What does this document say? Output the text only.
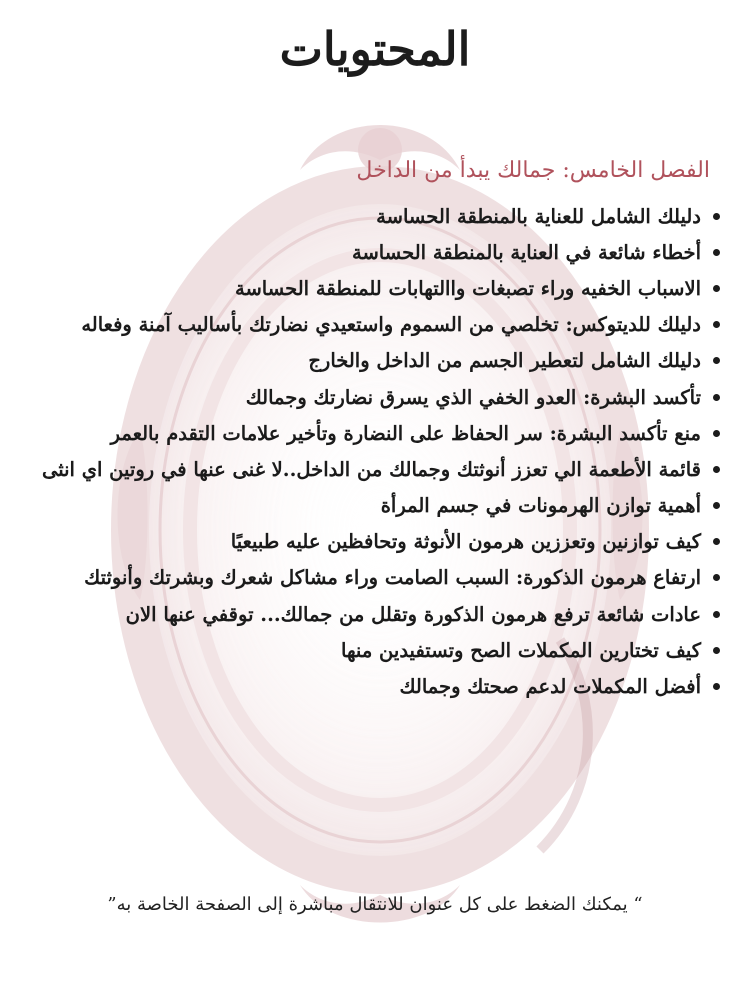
المحتويات
الفصل الخامس: جمالك يبدأ من الداخل
دليلك الشامل للعناية بالمنطقة الحساسة
أخطاء شائعة في العناية بالمنطقة الحساسة
الاسباب الخفيه وراء تصبغات واالتهابات للمنطقة الحساسة
دليلك للديتوكس: تخلصي من السموم واستعيدي نضارتك بأساليب آمنة وفعاله
دليلك الشامل لتعطير الجسم من الداخل والخارج
تأكسد البشرة: العدو الخفي الذي يسرق نضارتك وجمالك
منع تأكسد البشرة: سر الحفاظ على النضارة وتأخير علامات التقدم بالعمر
قائمة الأطعمة الي تعزز أنوثتك وجمالك من الداخل..لا غنى عنها في روتين اي انثى
أهمية توازن الهرمونات في جسم المرأة
كيف توازنين وتعززين هرمون الأنوثة وتحافظين عليه طبيعيًا
ارتفاع هرمون الذكورة: السبب الصامت وراء مشاكل شعرك وبشرتك وأنوثتك
عادات شائعة ترفع هرمون الذكورة وتقلل من جمالك... توقفي عنها الان
كيف تختارين المكملات الصح وتستفيدين منها
أفضل المكملات لدعم صحتك وجمالك
“ يمكنك الضغط على كل عنوان للانتقال مباشرة إلى الصفحة الخاصة به”
